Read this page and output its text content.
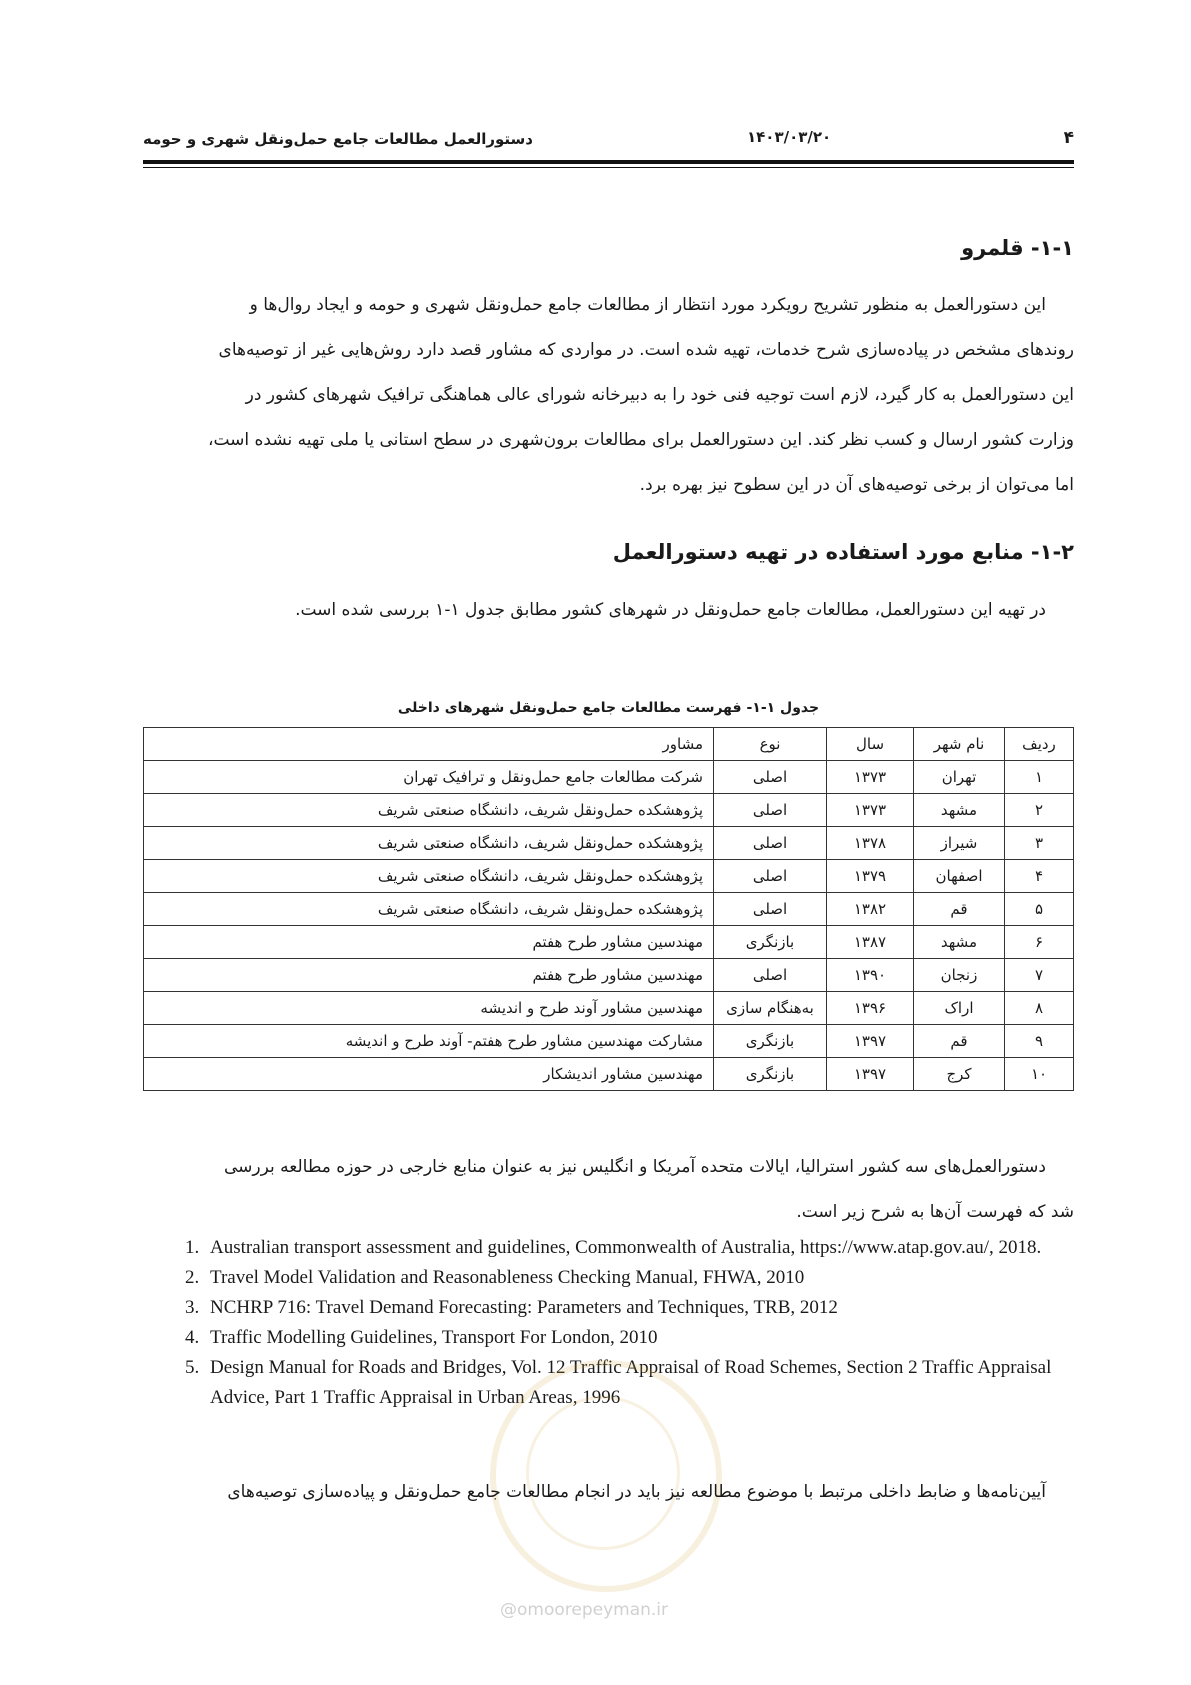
دستورالعمل مطالعات جامع حمل‌ونقل شهری و حومه	۱۴۰۳/۰۳/۲۰	۴
۱-۱- قلمرو
این دستورالعمل به منظور تشریح رویکرد مورد انتظار از مطالعات جامع حمل‌ونقل شهری و حومه و ایجاد روال‌ها و
روندهای مشخص در پیاده‌سازی شرح خدمات، تهیه شده است. در مواردی که مشاور قصد دارد روش‌هایی غیر از توصیه‌های
این دستورالعمل به کار گیرد، لازم است توجیه فنی خود را به دبیرخانه شورای عالی هماهنگی ترافیک شهرهای کشور در
وزارت کشور ارسال و کسب نظر کند. این دستورالعمل برای مطالعات برون‌شهری در سطح استانی یا ملی تهیه نشده است،
اما می‌توان از برخی توصیه‌های آن در این سطوح نیز بهره برد.
۱-۲- منابع مورد استفاده در تهیه دستورالعمل
در تهیه این دستورالعمل، مطالعات جامع حمل‌ونقل در شهرهای کشور مطابق جدول ۱-۱ بررسی شده است.
جدول ۱-۱- فهرست مطالعات جامع حمل‌ونقل شهرهای داخلی
ردیف	نام شهر	سال	نوع	مشاور
۱	تهران	۱۳۷۳	اصلی	شرکت مطالعات جامع حمل‌ونقل و ترافیک تهران
۲	مشهد	۱۳۷۳	اصلی	پژوهشکده حمل‌ونقل شریف، دانشگاه صنعتی شریف
۳	شیراز	۱۳۷۸	اصلی	پژوهشکده حمل‌ونقل شریف، دانشگاه صنعتی شریف
۴	اصفهان	۱۳۷۹	اصلی	پژوهشکده حمل‌ونقل شریف، دانشگاه صنعتی شریف
۵	قم	۱۳۸۲	اصلی	پژوهشکده حمل‌ونقل شریف، دانشگاه صنعتی شریف
۶	مشهد	۱۳۸۷	بازنگری	مهندسین مشاور طرح هفتم
۷	زنجان	۱۳۹۰	اصلی	مهندسین مشاور طرح هفتم
۸	اراک	۱۳۹۶	به‌هنگام سازی	مهندسین مشاور آوند طرح و اندیشه
۹	قم	۱۳۹۷	بازنگری	مشارکت مهندسین مشاور طرح هفتم- آوند طرح و اندیشه
۱۰	کرج	۱۳۹۷	بازنگری	مهندسین مشاور اندیشکار
دستورالعمل‌های سه کشور استرالیا، ایالات متحده آمریکا و انگلیس نیز به عنوان منابع خارجی در حوزه مطالعه بررسی
شد که فهرست آن‌ها به شرح زیر است.
1. Australian transport assessment and guidelines, Commonwealth of Australia, https://www.atap.gov.au/, 2018.
2. Travel Model Validation and Reasonableness Checking Manual, FHWA, 2010
3. NCHRP 716: Travel Demand Forecasting: Parameters and Techniques, TRB, 2012
4. Traffic Modelling Guidelines, Transport For London, 2010
5. Design Manual for Roads and Bridges, Vol. 12 Traffic Appraisal of Road Schemes, Section 2 Traffic Appraisal Advice, Part 1 Traffic Appraisal in Urban Areas, 1996
آیین‌نامه‌ها و ضابط داخلی مرتبط با موضوع مطالعه نیز باید در انجام مطالعات جامع حمل‌ونقل و پیاده‌سازی توصیه‌های
@omoorepeyman.ir
